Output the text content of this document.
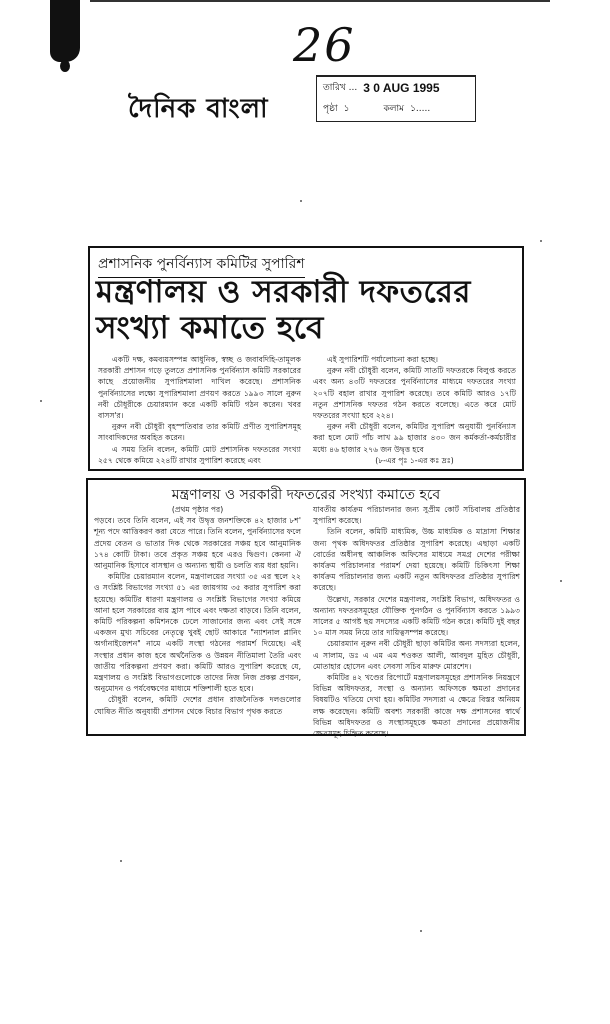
26
দৈনিক বাংলা
তারিখ ... 3 0 AUG 1995
পৃষ্ঠা ১	কলাম ১.....
প্রশাসনিক পুনর্বিন্যাস কমিটির সুপারিশ
মন্ত্রণালয় ও সরকারী দফতরের
সংখ্যা কমাতে হবে

একটি দক্ষ, কমব্যয়সম্পন্ন আধুনিক, স্বচ্ছ ও জবাবদিহি-তামূলক সরকারী প্রশাসন গড়ে তুলতে প্রশাসনিক পুনর্বিন্যাস কমিটি সরকারের কাছে প্রয়োজনীয় সুপারিশমালা দাখিল করেছে। প্রশাসনিক পুনর্বিন্যাসের লক্ষ্যে সুপারিশমালা প্রণয়ণ করতে ১৯৯৩ সালে নুরুন নবী চৌধুরীকে চেয়ারম্যান করে একটি কমিটি গঠন করেন। খবর বাসস'র।

নুরুন নবী চৌধুরী বৃহস্পতিবার তার কমিটি প্রণীত সুপারিশসমূহ সাংবাদিকদের অবহিত করেন।

এ সময় তিনি বলেন, কমিটি মোট প্রশাসনিক দফতরের সংখ্যা ২৫৭ থেকে কমিয়ে ২২৪টি রাখার সুপারিশ করেছে এবং

এই সুপারিশটি পর্যালোচনা করা হচ্ছে।

নুরুন নবী চৌধুরী বলেন, কমিটি সাতটি দফতরকে বিলুপ্ত করতে এবং অন্য ৪৩টি দফতরের পুনর্বিন্যাসের মাধ্যমে দফতরের সংখ্যা ২০৭টি বহাল রাখার সুপারিশ করেছে। তবে কমিটি আরও ১৭টি নতুন প্রশাসনিক দফতর গঠন করতে বলেছে। এতে করে মোট দফতরের সংখ্যা হবে ২২৪।

নুরুন নবী চৌধুরী বলেন, কমিটির সুপারিশ অনুযায়ী পুনর্বিন্যাস করা হলে মোট পাঁচ লাখ ৯৯ হাজার ৪৩০ জন কর্মকর্তা-কর্মচারীর মধ্যে ৪৬ হাজার ২৭৬ জন উদ্বৃত্ত হবে

(৮-এর পৃঃ ১-এর কঃ দ্রঃ)
মন্ত্রণালয় ও সরকারী দফতরের সংখ্যা কমাতে হবে
(প্রথম পৃষ্ঠার পর)

পড়বে। তবে তিনি বলেন, এই সব উদ্বৃত্ত জনশক্তিকে ৪২ হাজার ৮শ' শূন্য পদে আত্তিকরণ করা যেতে পারে। তিনি বলেন, পুনর্বিন্যাসের ফলে প্রদেয় বেতন ও ভাতার দিক থেকে সরকারের সঞ্চয় হবে আনুমানিক ১৭৪ কোটি টাকা। তবে প্রকৃত সঞ্চয় হবে এরও দ্বিগুণ। কেননা ঐ আনুমানিক হিসাবে বাসস্থান ও অন্যান্য স্থায়ী ও চলতি ব্যয় ধরা হয়নি।

কমিটির চেয়ারম্যান বলেন, মন্ত্রণালয়ের সংখ্যা ৩৫ এর স্থলে ২২ ও সংশ্লিষ্ট বিভাগের সংখ্যা ৫১ এর জায়গায় ৩৫ করার সুপারিশ করা হয়েছে। কমিটির ধারণা মন্ত্রণালয় ও সংশ্লিষ্ট বিভাগের সংখ্যা কমিয়ে আনা হলে সরকারের ব্যয় হ্রাস পাবে এবং দক্ষতা বাড়বে। তিনি বলেন, কমিটি পরিকল্পনা কমিশনকে ঢেলে সাজানোর জন্য এবং সেই সঙ্গে একজন মুখ্য সচিবের নেতৃত্বে খুবই ছোট আকারে "ন্যাশনাল প্লানিং অর্গানাইজেশন" নামে একটি সংস্থা গঠনের পরামর্শ দিয়েছে। এই সংস্থার প্রধান কাজ হবে অর্থনৈতিক ও উন্নয়ন নীতিমালা তৈরি এবং জাতীয় পরিকল্পনা প্রণয়ণ করা। কমিটি আরও সুপারিশ করেছে যে, মন্ত্রণালয় ও সংশ্লিষ্ট বিভাগগুলোকে তাদের নিজ নিজ প্রকল্প প্রণয়ন, অনুমোদন ও পর্যবেক্ষণের মাধ্যমে শক্তিশালী হতে হবে।

চৌধুরী বলেন, কমিটি দেশের প্রধান রাজনৈতিক দলগুলোর ঘোষিত নীতি অনুযায়ী প্রশাসন থেকে বিচার বিভাগ পৃথক করতে

যাবতীয় কার্যক্রম পরিচালনার জন্য সুপ্রীম কোর্ট সচিবালয় প্রতিষ্ঠার সুপারিশ করেছে।

তিনি বলেন, কমিটি মাধ্যমিক, উচ্চ মাধ্যমিক ও মাদ্রাসা শিক্ষার জন্য পৃথক অধিদফতর প্রতিষ্ঠার সুপারিশ করেছে। এছাড়া একটি বোর্ডের অধীনস্থ আঞ্চলিক অফিসের মাধ্যমে সমগ্র দেশের পরীক্ষা কার্যক্রম পরিচালনার পরামর্শ দেয়া হয়েছে। কমিটি চিকিৎসা শিক্ষা কার্যক্রম পরিচালনার জন্য একটি নতুন অধিদফতর প্রতিষ্ঠার সুপারিশ করেছে।

উল্লেখ্য, সরকার দেশের মন্ত্রণালয়, সংশ্লিষ্ট বিভাগ, অধিদফতর ও অন্যান্য দফতরসমূহের যৌক্তিক পুনর্গঠন ও পুনর্বিন্যাস করতে ১৯৯৩ সালের ৫ আগষ্ট ছয় সদস্যের একটি কমিটি গঠন করে। কমিটি দুই বছর ১০ মাস সময় নিয়ে তার দায়িত্বসম্পন্ন করেছে।

চেয়ারম্যান নুরুন নবী চৌধুরী ছাড়া কমিটির অন্য সদস্যরা হলেন, এ সালাম, ডঃ এ এম এম শওকত আলী, আবদুল মুহিত চৌধুরী, মোতাহার হোসেন এবং সেবসা সচিব মারুফ মোরশেদ।

কমিটির ৪২ খণ্ডের রিপোর্টে মন্ত্রণালয়সমূহের প্রশাসনিক নিয়ন্ত্রণে বিভিন্ন অধিদফতর, সংস্থা ও অন্যান্য অফিসকে ক্ষমতা প্রদানের বিষয়টিও খতিয়ে দেখা হয়। কমিটির সদস্যরা এ ক্ষেত্রে বিস্তর অনিয়ম লক্ষ করেছেন। কমিটি অবশ্য সরকারী কাজে দক্ষ প্রশাসনের স্বার্থে বিভিন্ন অধিদফতর ও সংস্থাসমূহকে ক্ষমতা প্রদানের প্রয়োজনীয় ক্ষেত্রসমূহ চিহ্নিত করেছে।
